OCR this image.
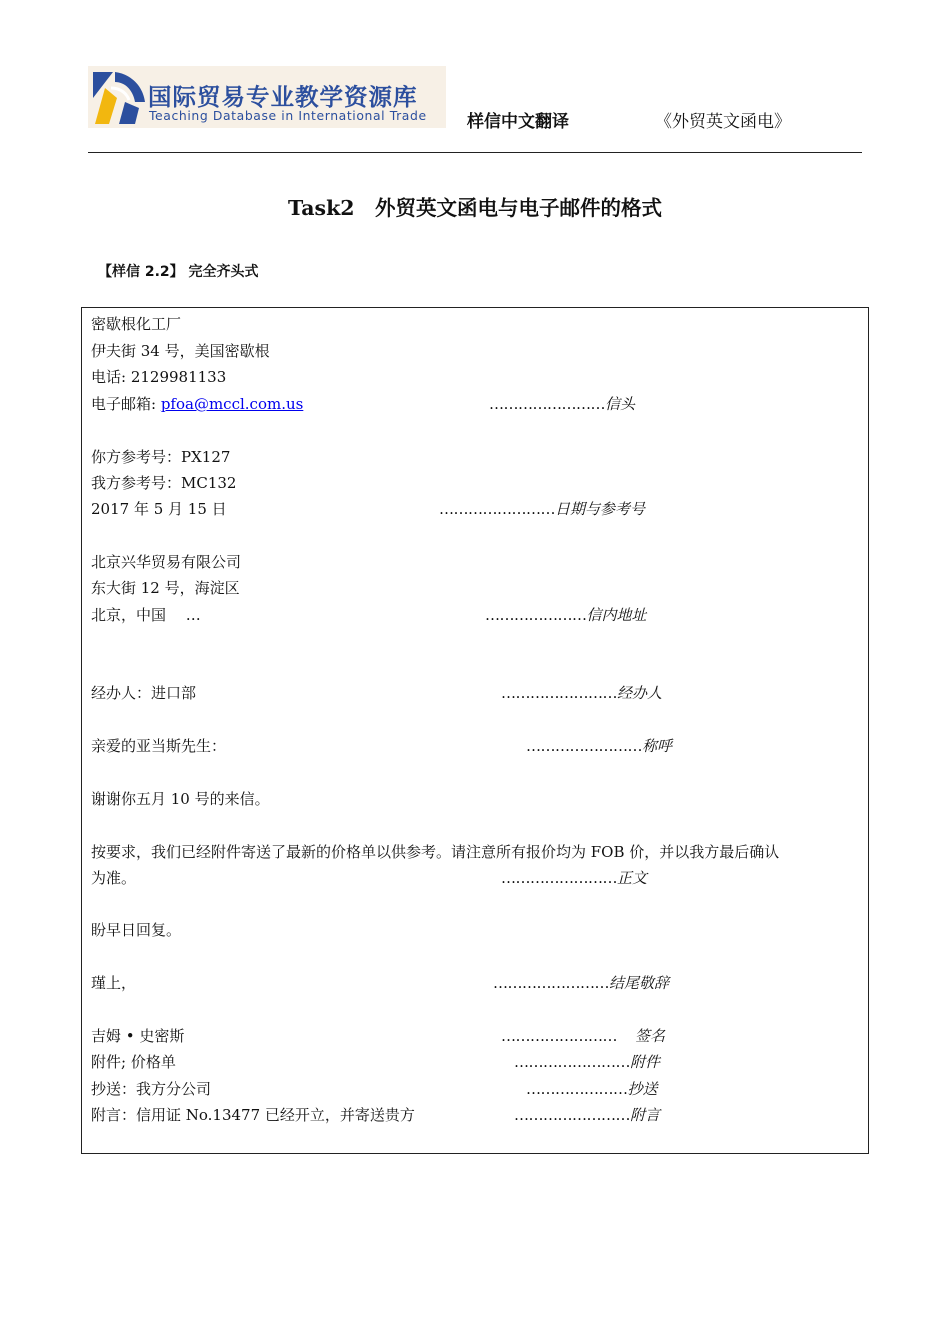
国际贸易专业教学资源库
Teaching Database in International Trade 样信中文翻译	《外贸英文函电》
Task2　外贸英文函电与电子邮件的格式
【样信 2.2】 完全齐头式
密歇根化工厂
伊夫街 34 号，美国密歇根
电话: 2129981133
电子邮箱: pfoa@mccl.com.us	……………………信头
你方参考号：PX127
我方参考号：MC132
2017 年 5 月 15 日	……………………日期与参考号
北京兴华贸易有限公司
东大街 12 号，海淀区
北京，中国　 …	…………………信内地址
经办人：进口部	……………………经办人
亲爱的亚当斯先生：	……………………称呼
谢谢你五月 10 号的来信。
按要求，我们已经附件寄送了最新的价格单以供参考。请注意所有报价均为 FOB 价，并以我方最后确认
为准。	……………………正文
盼早日回复。
瑾上，	……………………结尾敬辞
吉姆 • 史密斯	…………………… 签名
附件; 价格单	……………………附件
抄送：我方分公司	…………………抄送
附言：信用证 No.13477 已经开立，并寄送贵方	……………………附言
